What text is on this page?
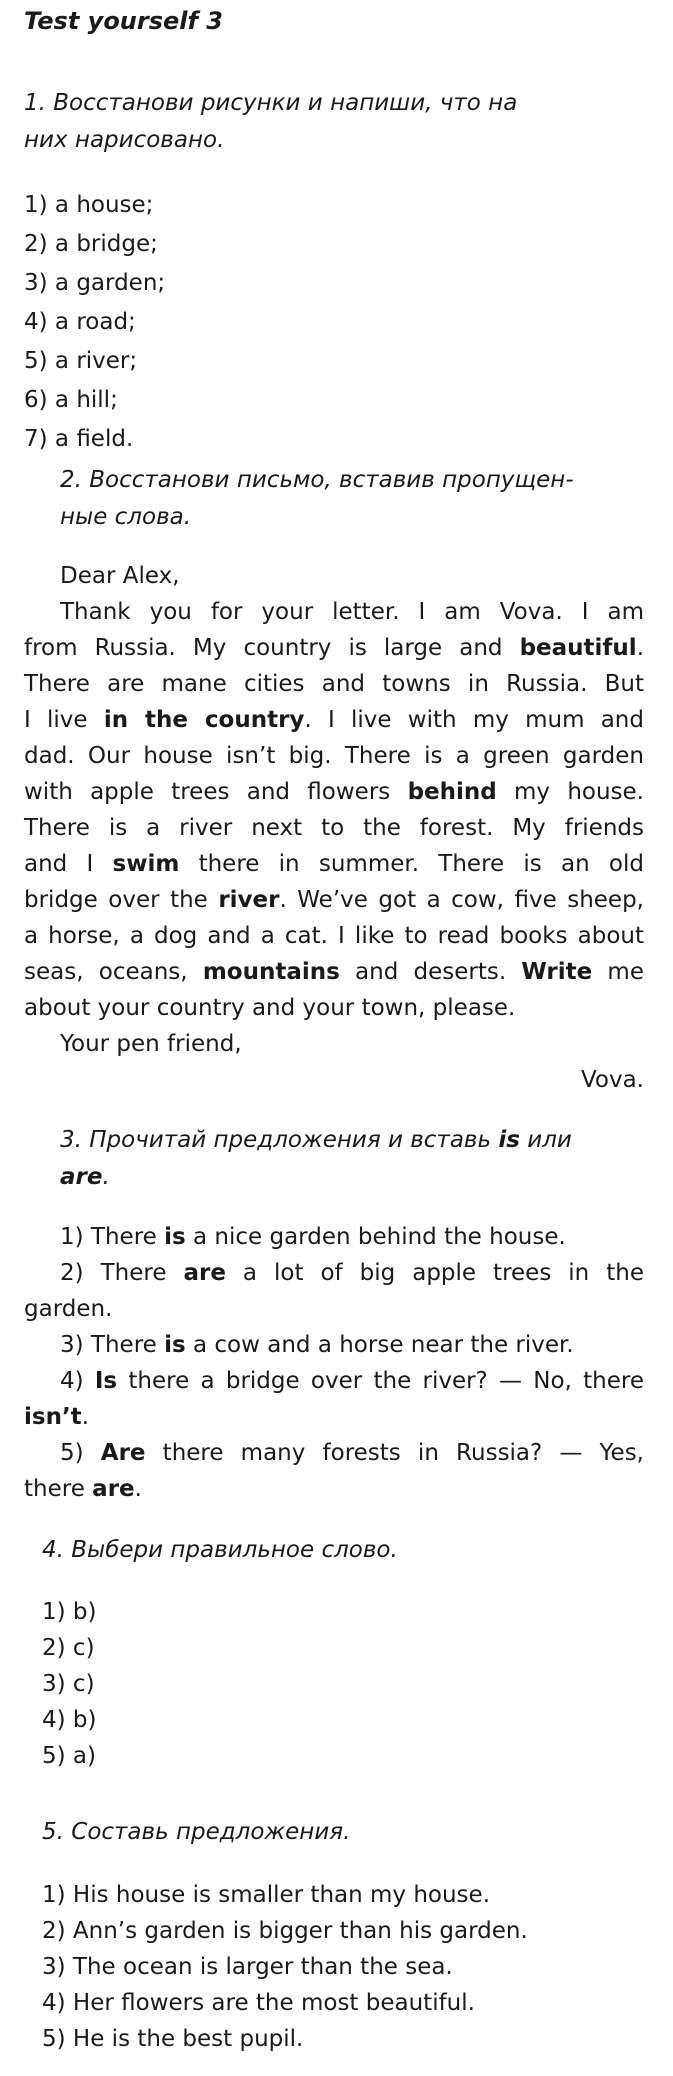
Test yourself 3
1. Восстанови рисунки и напиши, что на
них нарисовано.
1) a house;
2) a bridge;
3) a garden;
4) a road;
5) a river;
6) a hill;
7) a field.
2. Восстанови письмо, вставив пропущен-
ные слова.
Dear Alex,
Thank you for your letter. I am Vova. I am
from Russia. My country is large and beautiful.
There are mane cities and towns in Russia. But
I live in the country. I live with my mum and
dad. Our house isn’t big. There is a green garden
with apple trees and flowers behind my house.
There is a river next to the forest. My friends
and I swim there in summer. There is an old
bridge over the river. We’ve got a cow, five sheep,
a horse, a dog and a cat. I like to read books about
seas, oceans, mountains and deserts. Write me
about your country and your town, please.
Your pen friend,
Vova.
3. Прочитай предложения и вставь is или
are.
1) There is a nice garden behind the house.
2) There are a lot of big apple trees in the
garden.
3) There is a cow and a horse near the river.
4) Is there a bridge over the river? — No, there
isn’t.
5) Are there many forests in Russia? — Yes,
there are.
4. Выбери правильное слово.
1) b)
2) c)
3) c)
4) b)
5) a)
5. Составь предложения.
1) His house is smaller than my house.
2) Ann’s garden is bigger than his garden.
3) The ocean is larger than the sea.
4) Her flowers are the most beautiful.
5) He is the best pupil.
